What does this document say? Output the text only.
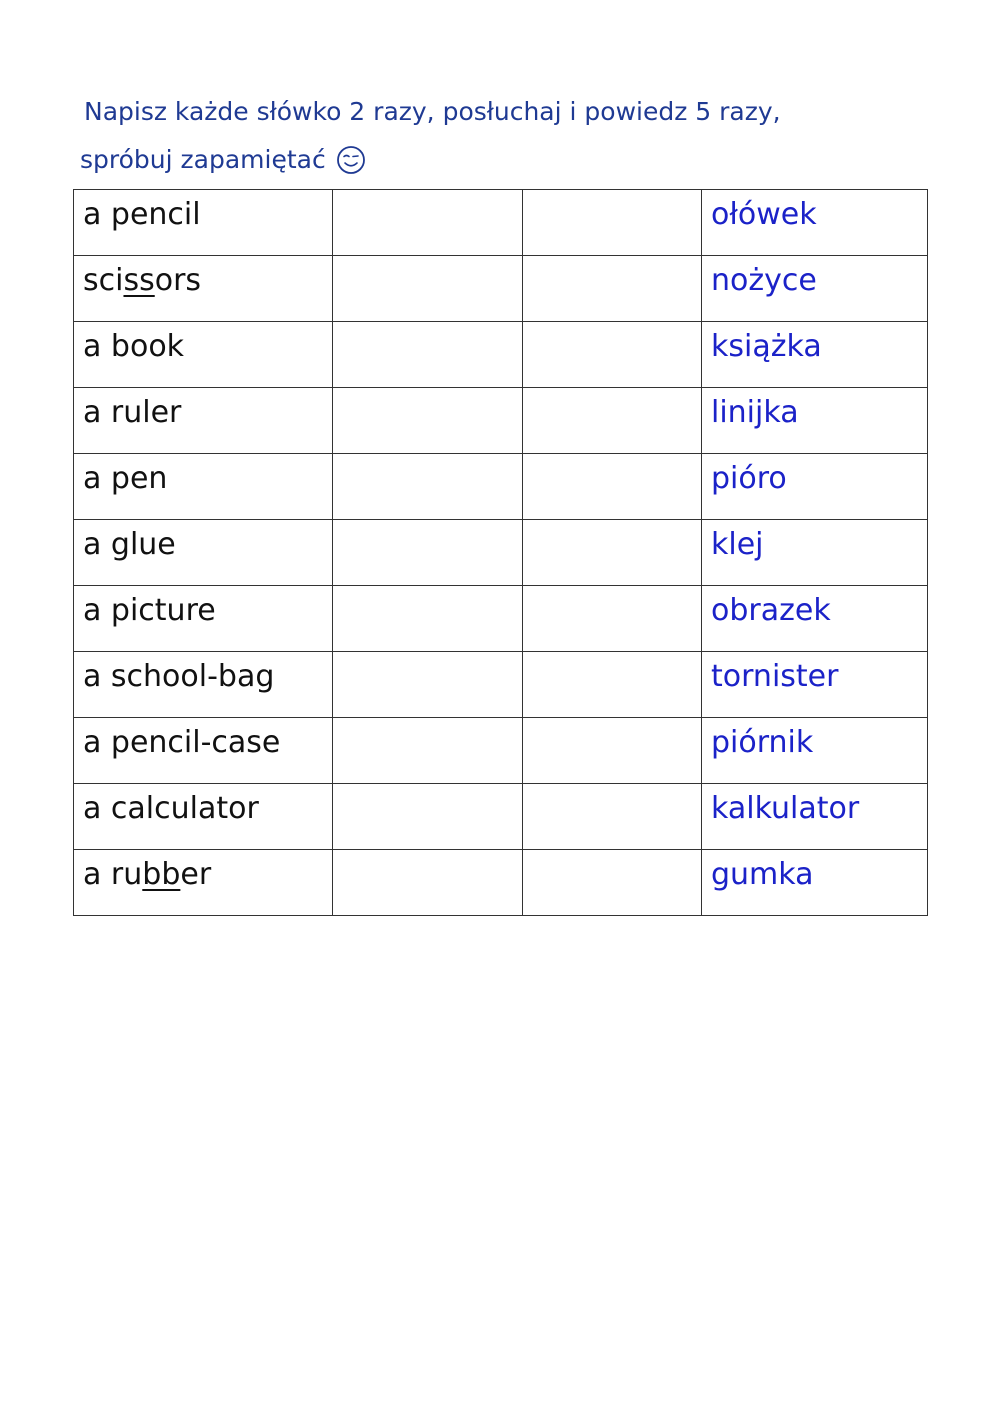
Napisz każde słówko 2 razy, posłuchaj i powiedz 5 razy,
spróbuj zapamiętać
a pencil			ołówek
scissors			nożyce
a book			książka
a ruler			linijka
a pen			pióro
a glue			klej
a picture			obrazek
a school-bag			tornister
a pencil-case			piórnik
a calculator			kalkulator
a rubber			gumka
